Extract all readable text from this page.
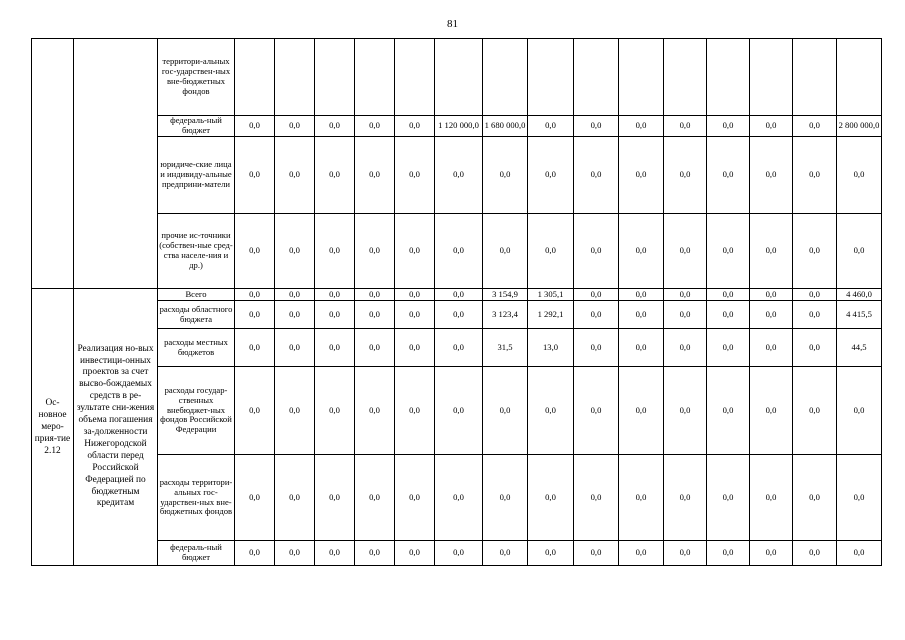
81
		территори-альных гос-ударствен-ных вне-бюджетных фондов															
		федераль-ный бюджет	0,0	0,0	0,0	0,0	0,0	1 120 000,0	1 680 000,0	0,0	0,0	0,0	0,0	0,0	0,0	0,0	2 800 000,0
		юридиче-ские лица и индивиду-альные предприни-матели	0,0	0,0	0,0	0,0	0,0	0,0	0,0	0,0	0,0	0,0	0,0	0,0	0,0	0,0	0,0
		прочие ис-точники (собствен-ные сред-ства населе-ния и др.)	0,0	0,0	0,0	0,0	0,0	0,0	0,0	0,0	0,0	0,0	0,0	0,0	0,0	0,0	0,0
Ос-новное меро-прия-тие 2.12	Реализация но-вых инвестици-онных проектов за счет высво-бождаемых средств в ре-зультате сни-жения объема погашения за-долженности Нижегородской области перед Российской Федерацией по бюджетным кредитам	Всего	0,0	0,0	0,0	0,0	0,0	0,0	3 154,9	1 305,1	0,0	0,0	0,0	0,0	0,0	0,0	4 460,0
		расходы областного бюджета	0,0	0,0	0,0	0,0	0,0	0,0	3 123,4	1 292,1	0,0	0,0	0,0	0,0	0,0	0,0	4 415,5
		расходы местных бюджетов	0,0	0,0	0,0	0,0	0,0	0,0	31,5	13,0	0,0	0,0	0,0	0,0	0,0	0,0	44,5
		расходы государ-ственных внебюджет-ных фондов Российской Федерации	0,0	0,0	0,0	0,0	0,0	0,0	0,0	0,0	0,0	0,0	0,0	0,0	0,0	0,0	0,0
		расходы территори-альных гос-ударствен-ных вне-бюджетных фондов	0,0	0,0	0,0	0,0	0,0	0,0	0,0	0,0	0,0	0,0	0,0	0,0	0,0	0,0	0,0
		федераль-ный бюджет	0,0	0,0	0,0	0,0	0,0	0,0	0,0	0,0	0,0	0,0	0,0	0,0	0,0	0,0	0,0
